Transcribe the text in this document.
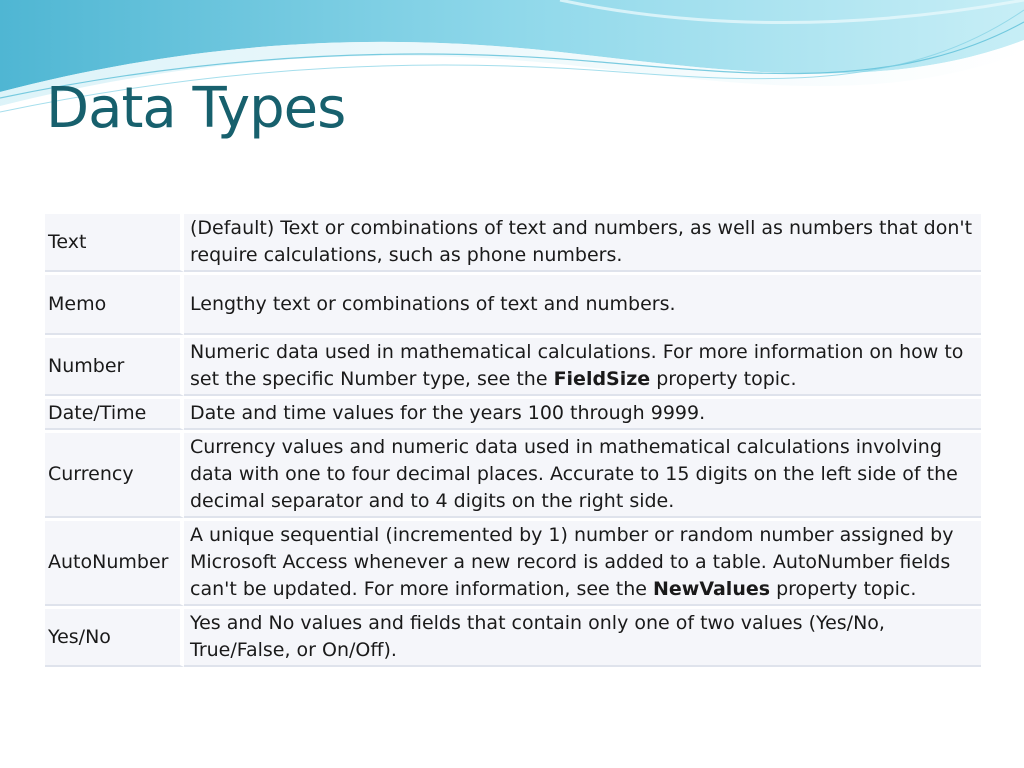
Data Types
Text	(Default) Text or combinations of text and numbers, as well as numbers that don't require calculations, such as phone numbers.
Memo	Lengthy text or combinations of text and numbers.
Number	Numeric data used in mathematical calculations. For more information on how to set the specific Number type, see the FieldSize property topic.
Date/Time	Date and time values for the years 100 through 9999.
Currency	Currency values and numeric data used in mathematical calculations involving data with one to four decimal places. Accurate to 15 digits on the left side of the decimal separator and to 4 digits on the right side.
AutoNumber	A unique sequential (incremented by 1) number or random number assigned by Microsoft Access whenever a new record is added to a table. AutoNumber fields can't be updated. For more information, see the NewValues property topic.
Yes/No	Yes and No values and fields that contain only one of two values (Yes/No, True/False, or On/Off).
